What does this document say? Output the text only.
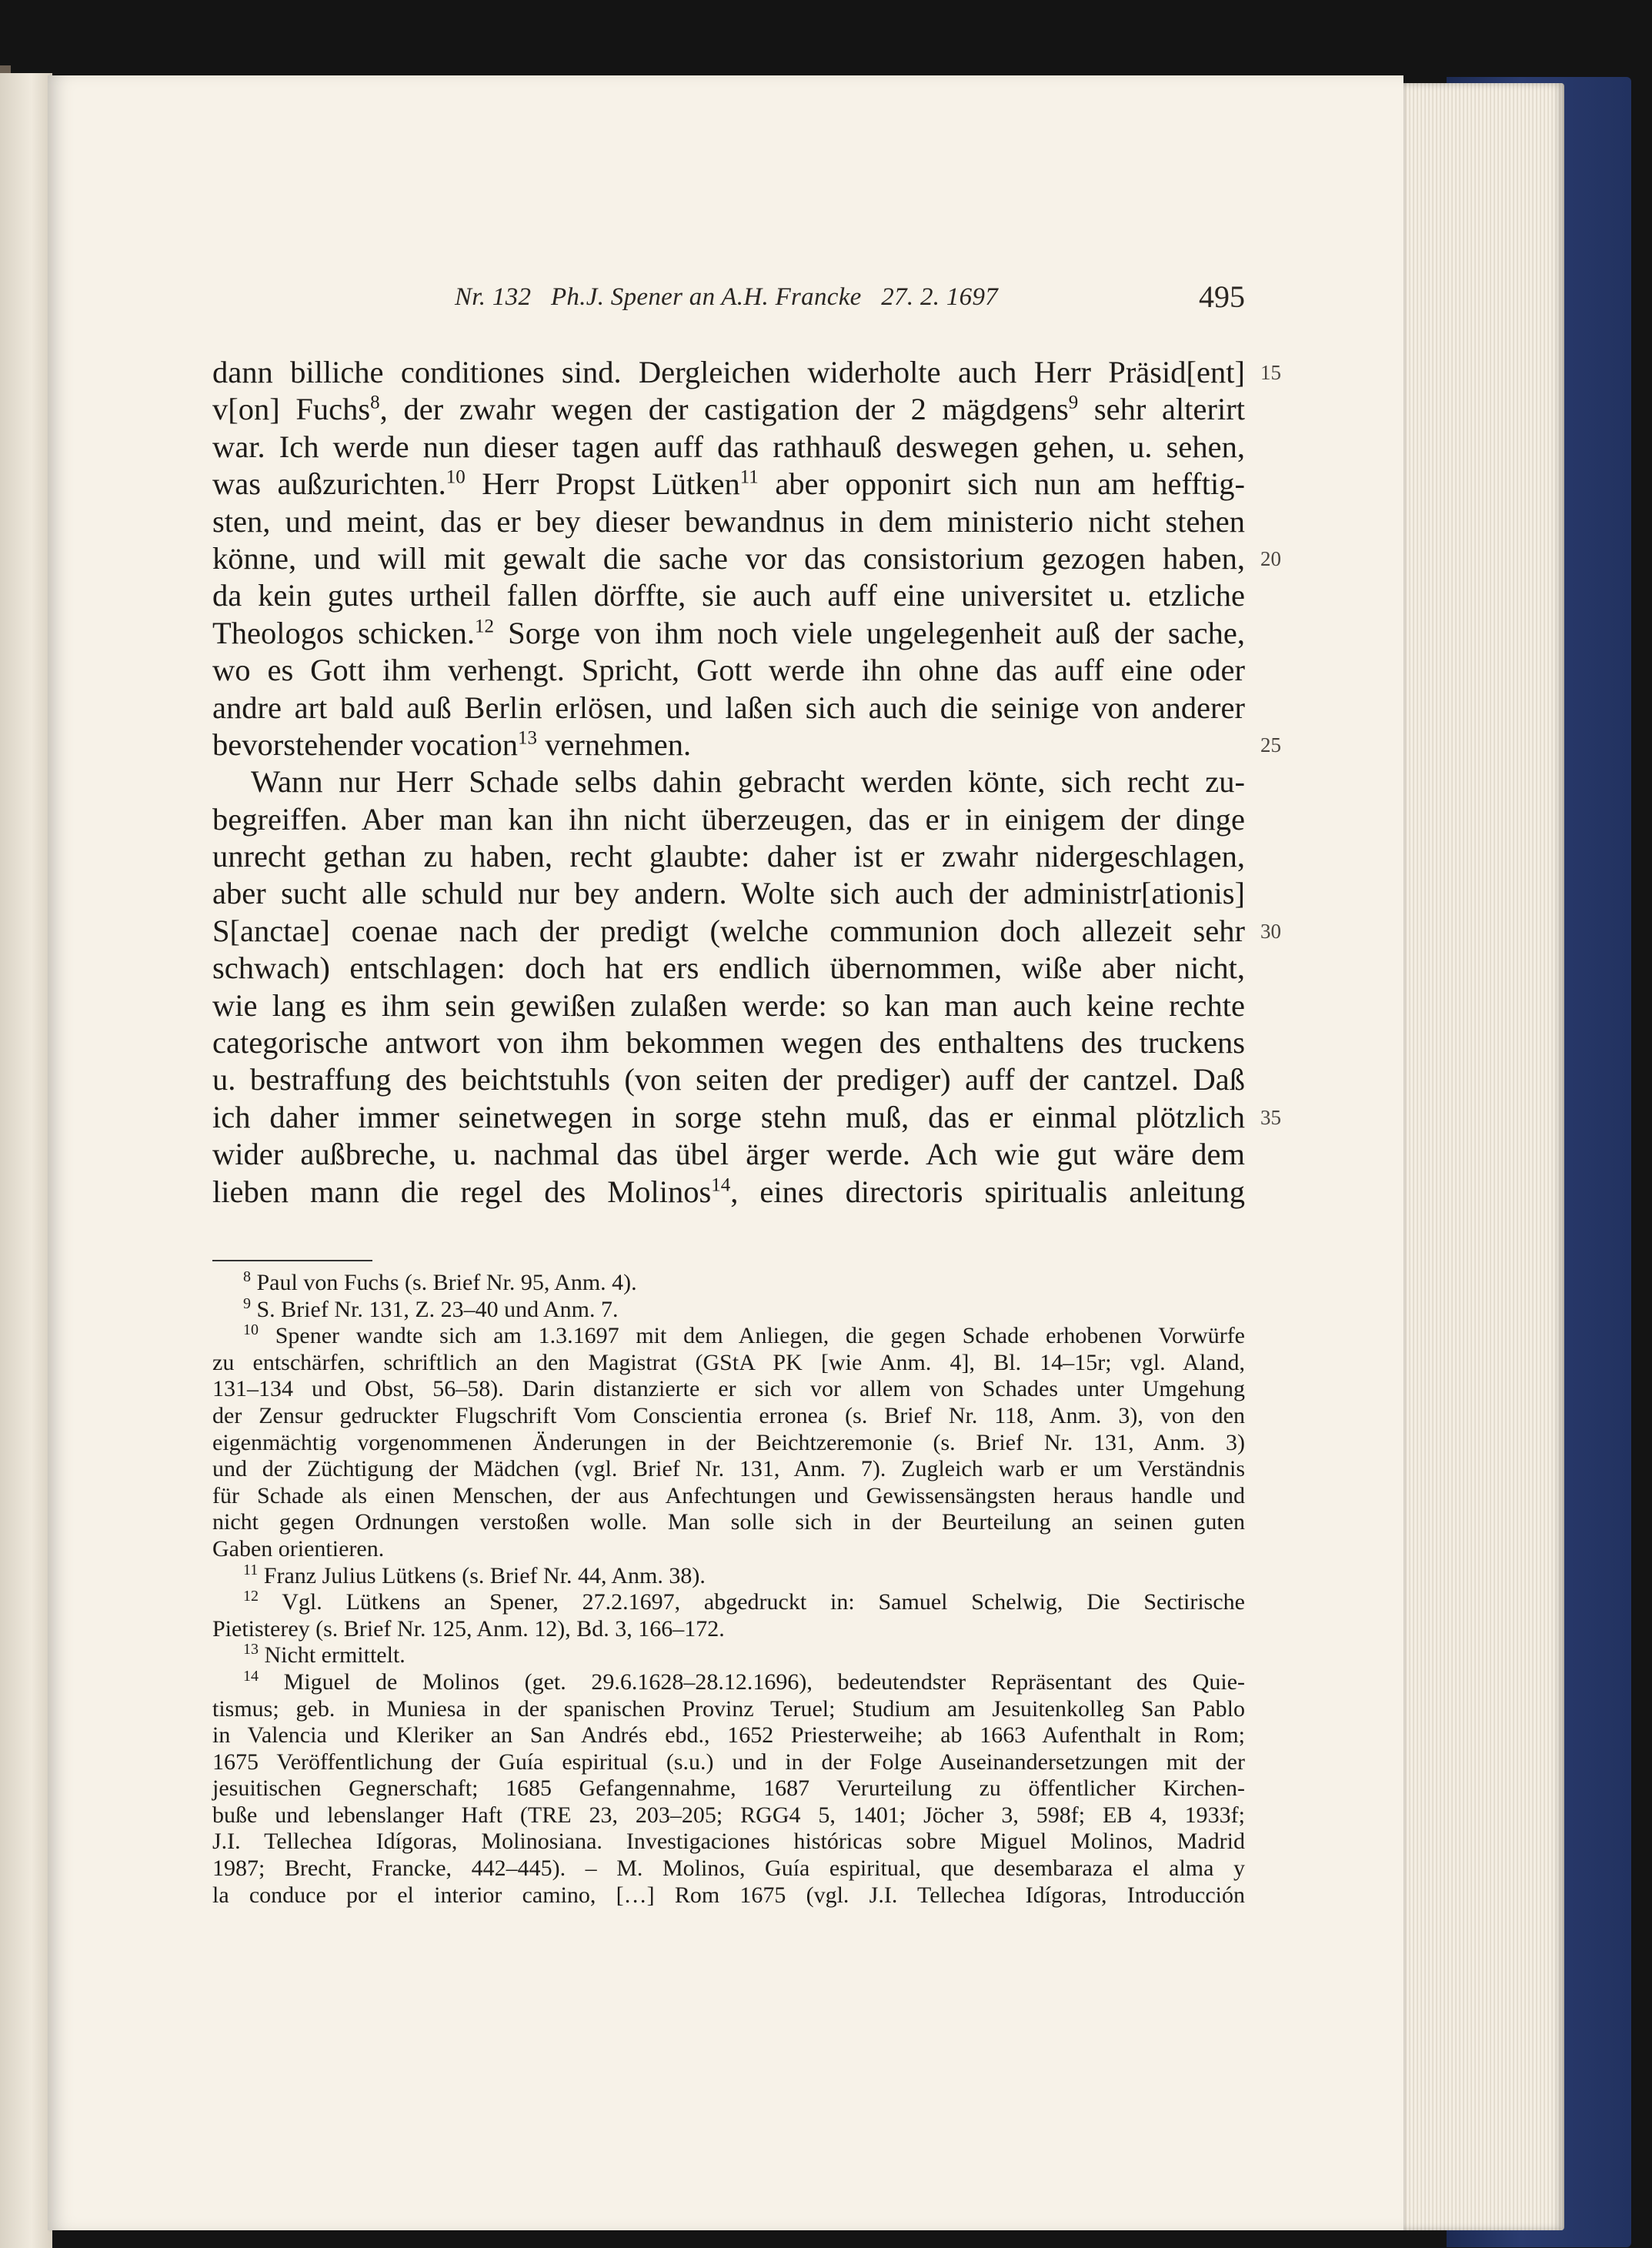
Nr. 132   Ph.J. Spener an A.H. Francke   27. 2. 1697	495
dann billiche conditiones sind. Dergleichen widerholte auch Herr Präsid[ent] 15
v[on] Fuchs$^8$, der zwahr wegen der castigation der 2 mägdgens$^9$ sehr alterirt
war. Ich werde nun dieser tagen auff das rathhauß deswegen gehen, u. sehen,
was außzurichten.$^{10}$ Herr Propst Lütken$^{11}$ aber opponirt sich nun am hefftig-
sten, und meint, das er bey dieser bewandnus in dem ministerio nicht stehen
könne, und will mit gewalt die sache vor das consistorium gezogen haben, 20
da kein gutes urtheil fallen dörffte, sie auch auff eine universitet u. etzliche
Theologos schicken.$^{12}$ Sorge von ihm noch viele ungelegenheit auß der sache,
wo es Gott ihm verhengt. Spricht, Gott werde ihn ohne das auff eine oder
andre art bald auß Berlin erlösen, und laßen sich auch die seinige von anderer
bevorstehender vocation$^{13}$ vernehmen.	25
Wann nur Herr Schade selbs dahin gebracht werden könte, sich recht zu-
begreiffen. Aber man kan ihn nicht überzeugen, das er in einigem der dinge
unrecht gethan zu haben, recht glaubte: daher ist er zwahr nidergeschlagen,
aber sucht alle schuld nur bey andern. Wolte sich auch der administr[ationis]
S[anctae] coenae nach der predigt (welche communion doch allezeit sehr 30
schwach) entschlagen: doch hat ers endlich übernommen, wiße aber nicht,
wie lang es ihm sein gewißen zulaßen werde: so kan man auch keine rechte
categorische antwort von ihm bekommen wegen des enthaltens des truckens
u. bestraffung des beichtstuhls (von seiten der prediger) auff der cantzel. Daß
ich daher immer seinetwegen in sorge stehn muß, das er einmal plötzlich 35
wider außbreche, u. nachmal das übel ärger werde. Ach wie gut wäre dem
lieben mann die regel des Molinos$^{14}$, eines directoris spiritualis anleitung
$^8$ Paul von Fuchs (s. Brief Nr. 95, Anm. 4).
$^9$ S. Brief Nr. 131, Z. 23–40 und Anm. 7.
$^{10}$ Spener wandte sich am 1.3.1697 mit dem Anliegen, die gegen Schade erhobenen Vorwürfe
zu entschärfen, schriftlich an den Magistrat (GStA PK [wie Anm. 4], Bl. 14–15r; vgl. Aland,
131–134 und Obst, 56–58). Darin distanzierte er sich vor allem von Schades unter Umgehung
der Zensur gedruckter Flugschrift Vom Conscientia erronea (s. Brief Nr. 118, Anm. 3), von den
eigenmächtig vorgenommenen Änderungen in der Beichtzeremonie (s. Brief Nr. 131, Anm. 3)
und der Züchtigung der Mädchen (vgl. Brief Nr. 131, Anm. 7). Zugleich warb er um Verständnis
für Schade als einen Menschen, der aus Anfechtungen und Gewissensängsten heraus handle und
nicht gegen Ordnungen verstoßen wolle. Man solle sich in der Beurteilung an seinen guten
Gaben orientieren.
$^{11}$ Franz Julius Lütkens (s. Brief Nr. 44, Anm. 38).
$^{12}$ Vgl. Lütkens an Spener, 27.2.1697, abgedruckt in: Samuel Schelwig, Die Sectirische
Pietisterey (s. Brief Nr. 125, Anm. 12), Bd. 3, 166–172.
$^{13}$ Nicht ermittelt.
$^{14}$ Miguel de Molinos (get. 29.6.1628–28.12.1696), bedeutendster Repräsentant des Quie-
tismus; geb. in Muniesa in der spanischen Provinz Teruel; Studium am Jesuitenkolleg San Pablo
in Valencia und Kleriker an San Andrés ebd., 1652 Priesterweihe; ab 1663 Aufenthalt in Rom;
1675 Veröffentlichung der Guía espiritual (s.u.) und in der Folge Auseinandersetzungen mit der
jesuitischen Gegnerschaft; 1685 Gefangennahme, 1687 Verurteilung zu öffentlicher Kirchen-
buße und lebenslanger Haft (TRE 23, 203–205; RGG4 5, 1401; Jöcher 3, 598f; EB 4, 1933f;
J.I. Tellechea Idígoras, Molinosiana. Investigaciones históricas sobre Miguel Molinos, Madrid
1987; Brecht, Francke, 442–445). – M. Molinos, Guía espiritual, que desembaraza el alma y
la conduce por el interior camino, […] Rom 1675 (vgl. J.I. Tellechea Idígoras, Introducción
